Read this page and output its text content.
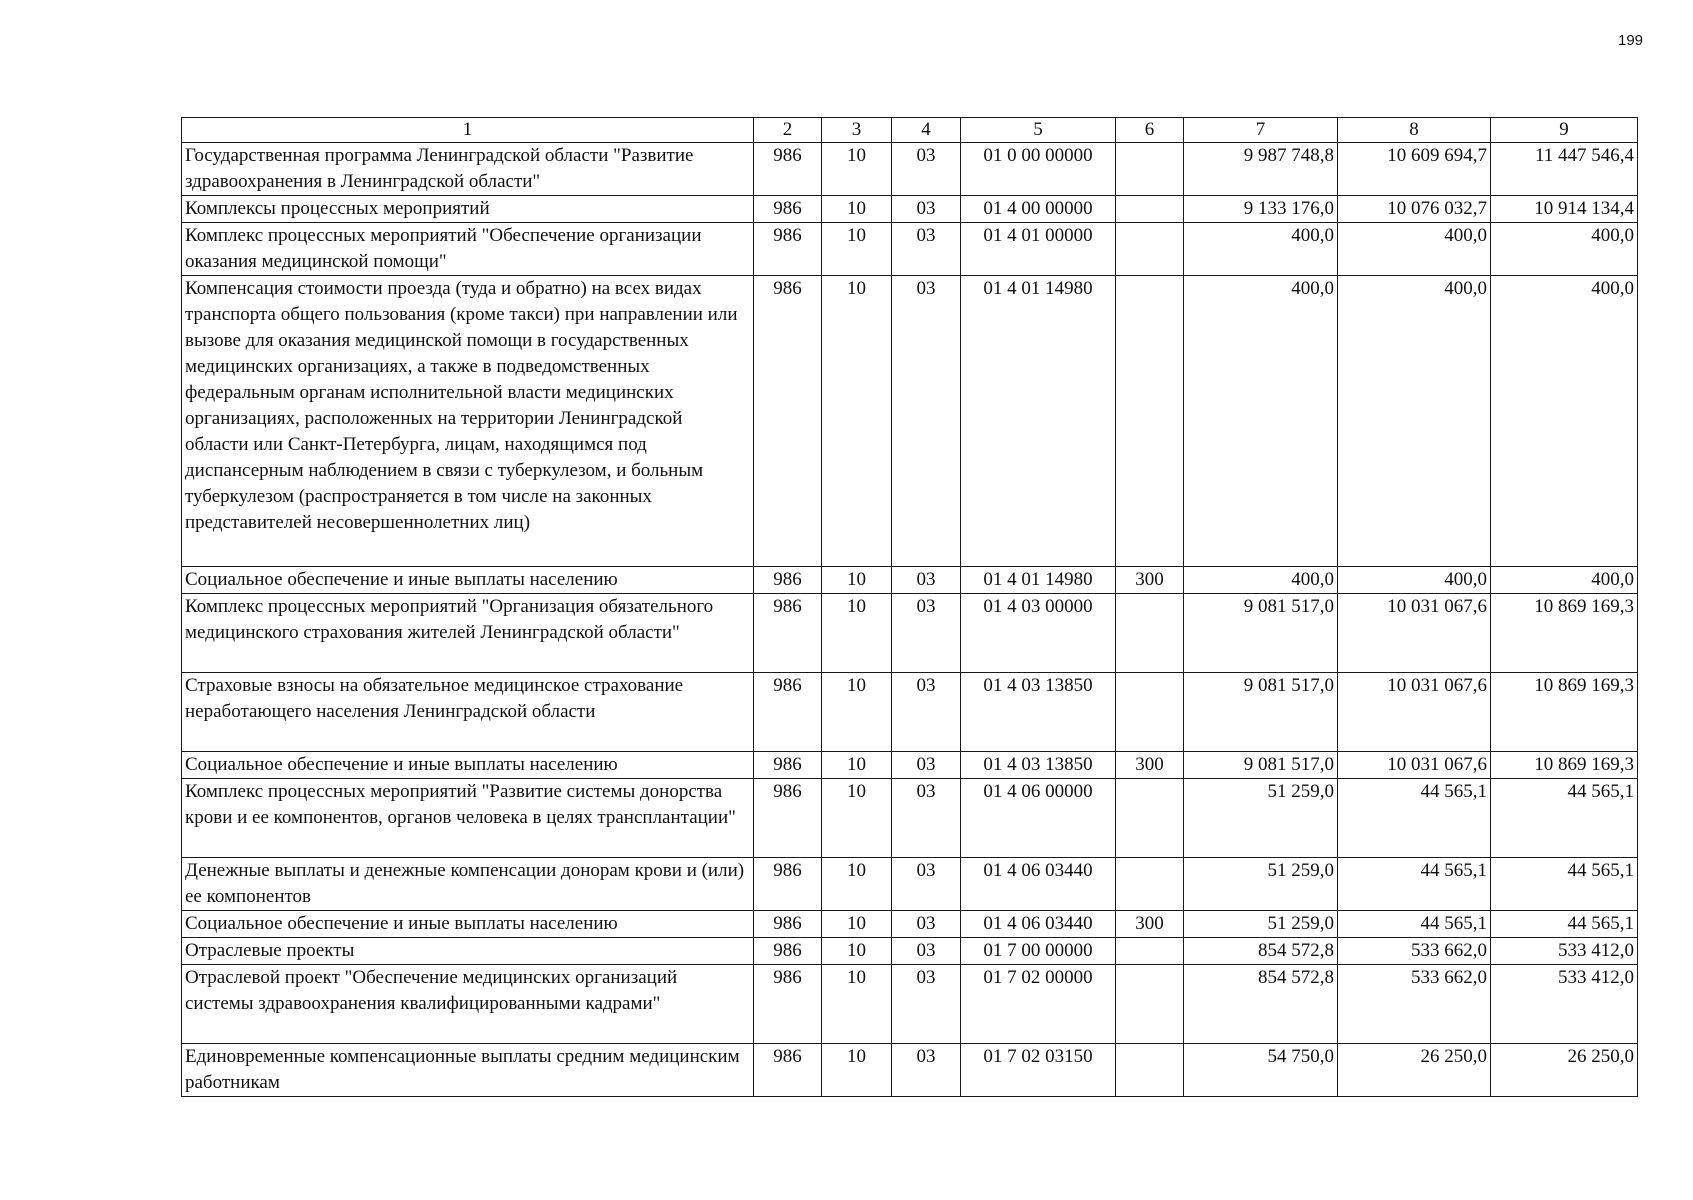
199
1	2	3	4	5	6	7	8	9
Государственная программа Ленинградской области "Развитие здравоохранения в Ленинградской области"	986	10	03	01 0 00 00000		9 987 748,8	10 609 694,7	11 447 546,4
Комплексы процессных мероприятий	986	10	03	01 4 00 00000		9 133 176,0	10 076 032,7	10 914 134,4
Комплекс процессных мероприятий "Обеспечение организации оказания медицинской помощи"	986	10	03	01 4 01 00000		400,0	400,0	400,0
Компенсация стоимости проезда (туда и обратно) на всех видах транспорта общего пользования (кроме такси) при направлении или вызове для оказания медицинской помощи в государственных медицинских организациях, а также в подведомственных федеральным органам исполнительной власти медицинских организациях, расположенных на территории Ленинградской области или Санкт-Петербурга, лицам, находящимся под диспансерным наблюдением в связи с туберкулезом, и больным туберкулезом (распространяется в том числе на законных представителей несовершеннолетних лиц)	986	10	03	01 4 01 14980		400,0	400,0	400,0
Социальное обеспечение и иные выплаты населению	986	10	03	01 4 01 14980	300	400,0	400,0	400,0
Комплекс процессных мероприятий "Организация обязательного медицинского страхования жителей Ленинградской области"	986	10	03	01 4 03 00000		9 081 517,0	10 031 067,6	10 869 169,3
Страховые взносы на обязательное медицинское страхование неработающего населения Ленинградской области	986	10	03	01 4 03 13850		9 081 517,0	10 031 067,6	10 869 169,3
Социальное обеспечение и иные выплаты населению	986	10	03	01 4 03 13850	300	9 081 517,0	10 031 067,6	10 869 169,3
Комплекс процессных мероприятий "Развитие системы донорства крови и ее компонентов, органов человека в целях трансплантации"	986	10	03	01 4 06 00000		51 259,0	44 565,1	44 565,1
Денежные выплаты и денежные компенсации донорам крови и (или) ее компонентов	986	10	03	01 4 06 03440		51 259,0	44 565,1	44 565,1
Социальное обеспечение и иные выплаты населению	986	10	03	01 4 06 03440	300	51 259,0	44 565,1	44 565,1
Отраслевые проекты	986	10	03	01 7 00 00000		854 572,8	533 662,0	533 412,0
Отраслевой проект "Обеспечение медицинских организаций системы здравоохранения квалифицированными кадрами"	986	10	03	01 7 02 00000		854 572,8	533 662,0	533 412,0
Единовременные компенсационные выплаты средним медицинским работникам	986	10	03	01 7 02 03150		54 750,0	26 250,0	26 250,0
